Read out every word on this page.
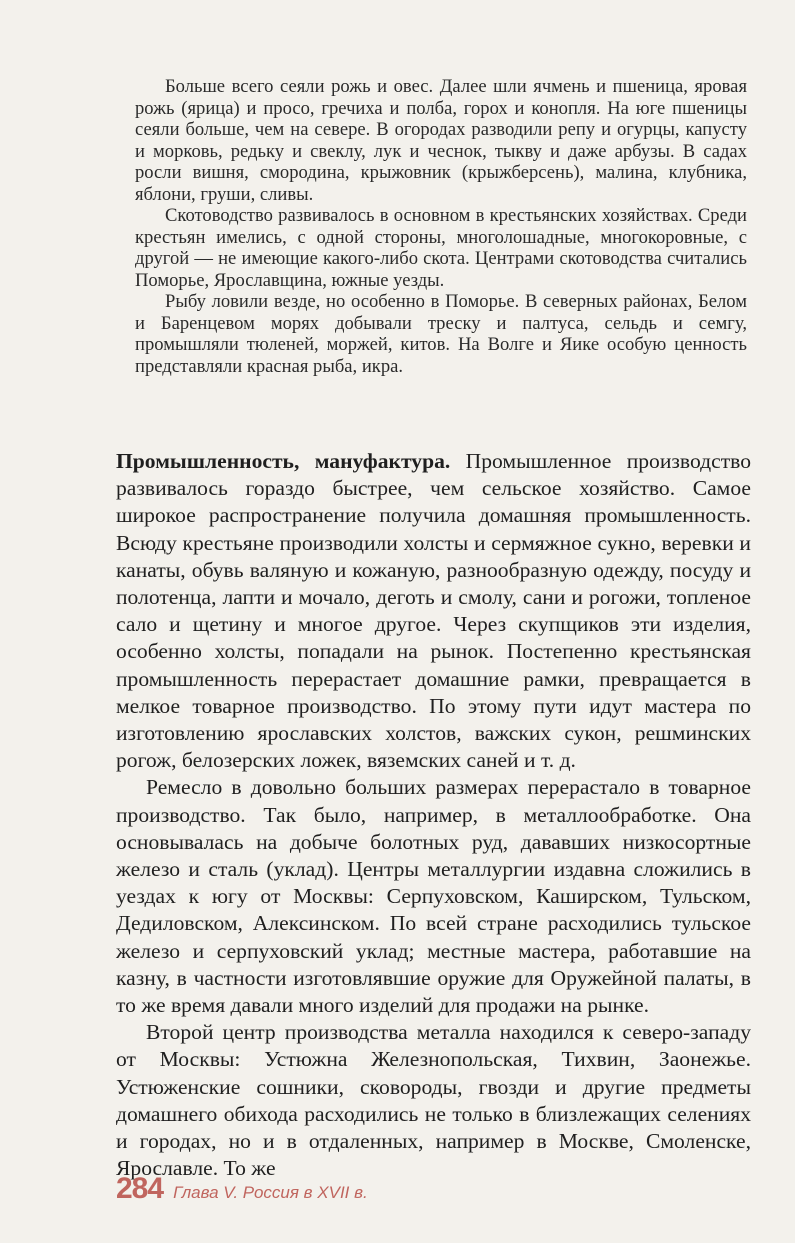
Больше всего сеяли рожь и овес. Далее шли ячмень и пшеница, яровая рожь (ярица) и просо, гречиха и полба, горох и конопля. На юге пшеницы сеяли больше, чем на севере. В огородах разводили репу и огурцы, капусту и морковь, редьку и свеклу, лук и чеснок, тыкву и даже арбузы. В садах росли вишня, смородина, крыжовник (крыжберсень), малина, клубника, яблони, груши, сливы.

Скотоводство развивалось в основном в крестьянских хозяйствах. Среди крестьян имелись, с одной стороны, многолошадные, многокоровные, с другой — не имеющие какого-либо скота. Центрами скотоводства считались Поморье, Ярославщина, южные уезды.

Рыбу ловили везде, но особенно в Поморье. В северных районах, Белом и Баренцевом морях добывали треску и палтуса, сельдь и семгу, промышляли тюленей, моржей, китов. На Волге и Яике особую ценность представляли красная рыба, икра.

Промышленность, мануфактура. Промышленное производство развивалось гораздо быстрее, чем сельское хозяйство. Самое широкое распространение получила домашняя промышленность. Всюду крестьяне производили холсты и сермяжное сукно, веревки и канаты, обувь валяную и кожаную, разнообразную одежду, посуду и полотенца, лапти и мочало, деготь и смолу, сани и рогожи, топленое сало и щетину и многое другое. Через скупщиков эти изделия, особенно холсты, попадали на рынок. Постепенно крестьянская промышленность перерастает домашние рамки, превращается в мелкое товарное производство. По этому пути идут мастера по изготовлению ярославских холстов, важских сукон, решминских рогож, белозерских ложек, вяземских саней и т. д.

Ремесло в довольно больших размерах перерастало в товарное производство. Так было, например, в металлообработке. Она основывалась на добыче болотных руд, дававших низкосортные железо и сталь (уклад). Центры металлургии издавна сложились в уездах к югу от Москвы: Серпуховском, Каширском, Тульском, Дедиловском, Алексинском. По всей стране расходились тульское железо и серпуховский уклад; местные мастера, работавшие на казну, в частности изготовлявшие оружие для Оружейной палаты, в то же время давали много изделий для продажи на рынке.

Второй центр производства металла находился к северо-западу от Москвы: Устюжна Железнопольская, Тихвин, Заонежье. Устюженские сошники, сковороды, гвозди и другие предметы домашнего обихода расходились не только в близлежащих селениях и городах, но и в отдаленных, например в Москве, Смоленске, Ярославле. То же

284 Глава V. Россия в XVII в.
